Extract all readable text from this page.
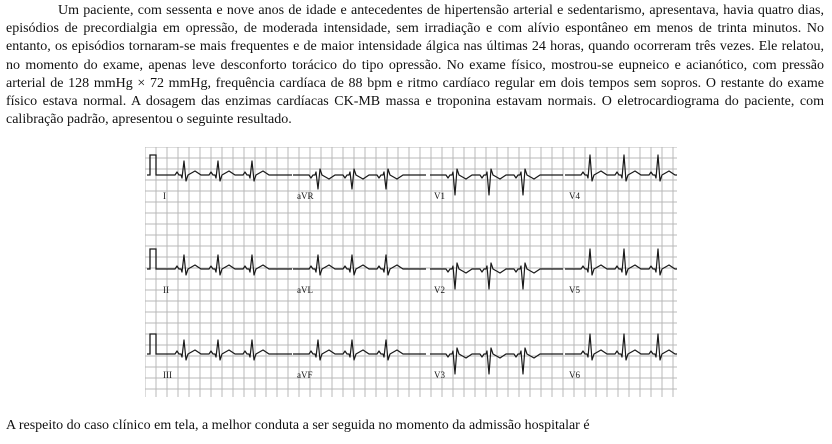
Um paciente, com sessenta e nove anos de idade e antecedentes de hipertensão arterial e sedentarismo, apresentava, havia quatro dias, episódios de precordialgia em opressão, de moderada intensidade, sem irradiação e com alívio espontâneo em menos de trinta minutos. No entanto, os episódios tornaram-se mais frequentes e de maior intensidade álgica nas últimas 24 horas, quando ocorreram três vezes. Ele relatou, no momento do exame, apenas leve desconforto torácico do tipo opressão. No exame físico, mostrou-se eupneico e acianótico, com pressão arterial de 128 mmHg × 72 mmHg, frequência cardíaca de 88 bpm e ritmo cardíaco regular em dois tempos sem sopros. O restante do exame físico estava normal. A dosagem das enzimas cardíacas CK-MB massa e troponina estavam normais. O eletrocardiograma do paciente, com calibração padrão, apresentou o seguinte resultado.

I	aVR	V1	V4
II	aVL	V2	V5
III	aVF	V3	V6

A respeito do caso clínico em tela, a melhor conduta a ser seguida no momento da admissão hospitalar é
